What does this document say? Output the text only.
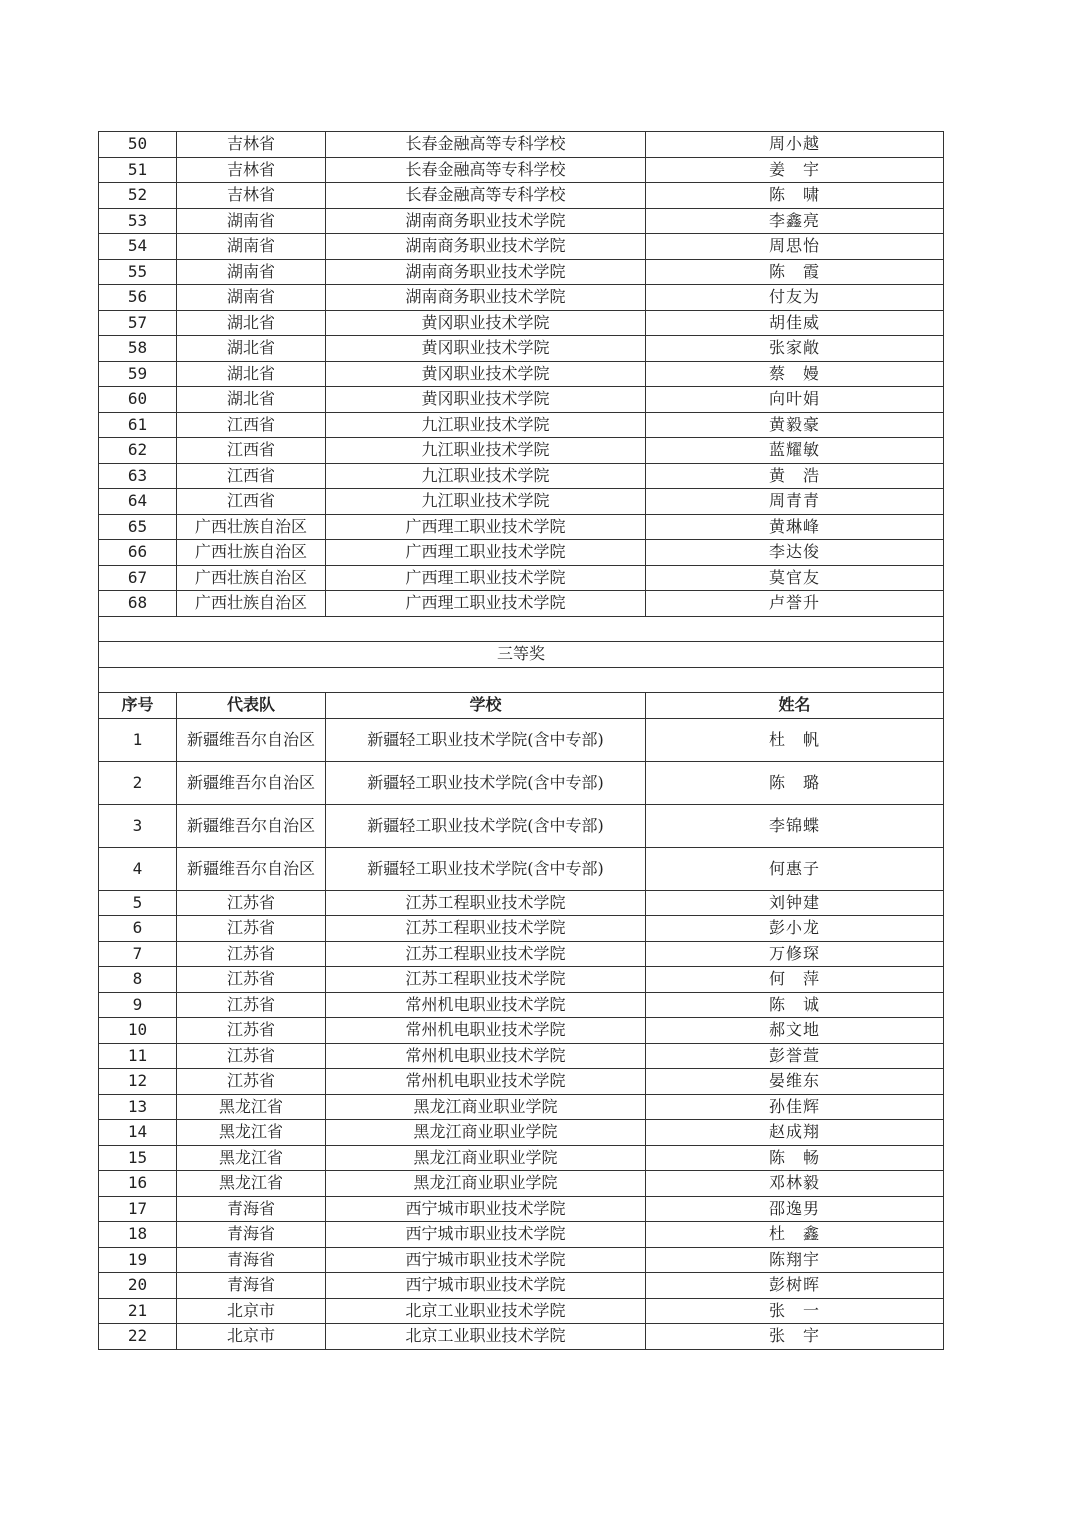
50	吉林省	长春金融高等专科学校	周小越
51	吉林省	长春金融高等专科学校	姜　宇
52	吉林省	长春金融高等专科学校	陈　啸
53	湖南省	湖南商务职业技术学院	李鑫亮
54	湖南省	湖南商务职业技术学院	周思怡
55	湖南省	湖南商务职业技术学院	陈　霞
56	湖南省	湖南商务职业技术学院	付友为
57	湖北省	黄冈职业技术学院	胡佳威
58	湖北省	黄冈职业技术学院	张家敞
59	湖北省	黄冈职业技术学院	蔡　嫚
60	湖北省	黄冈职业技术学院	向叶娟
61	江西省	九江职业技术学院	黄毅豪
62	江西省	九江职业技术学院	蓝耀敏
63	江西省	九江职业技术学院	黄　浩
64	江西省	九江职业技术学院	周青青
65	广西壮族自治区	广西理工职业技术学院	黄琳峰
66	广西壮族自治区	广西理工职业技术学院	李达俊
67	广西壮族自治区	广西理工职业技术学院	莫官友
68	广西壮族自治区	广西理工职业技术学院	卢誉升

三等奖			

序号	代表队	学校	姓名
1	新疆维吾尔自治区	新疆轻工职业技术学院(含中专部)	杜　帆
2	新疆维吾尔自治区	新疆轻工职业技术学院(含中专部)	陈　璐
3	新疆维吾尔自治区	新疆轻工职业技术学院(含中专部)	李锦蝶
4	新疆维吾尔自治区	新疆轻工职业技术学院(含中专部)	何惠子
5	江苏省	江苏工程职业技术学院	刘钟建
6	江苏省	江苏工程职业技术学院	彭小龙
7	江苏省	江苏工程职业技术学院	万修琛
8	江苏省	江苏工程职业技术学院	何　萍
9	江苏省	常州机电职业技术学院	陈　诚
10	江苏省	常州机电职业技术学院	郝文地
11	江苏省	常州机电职业技术学院	彭誉萱
12	江苏省	常州机电职业技术学院	晏维东
13	黑龙江省	黑龙江商业职业学院	孙佳辉
14	黑龙江省	黑龙江商业职业学院	赵成翔
15	黑龙江省	黑龙江商业职业学院	陈　畅
16	黑龙江省	黑龙江商业职业学院	邓林毅
17	青海省	西宁城市职业技术学院	邵逸男
18	青海省	西宁城市职业技术学院	杜　鑫
19	青海省	西宁城市职业技术学院	陈翔宇
20	青海省	西宁城市职业技术学院	彭树晖
21	北京市	北京工业职业技术学院	张　一
22	北京市	北京工业职业技术学院	张　宇
